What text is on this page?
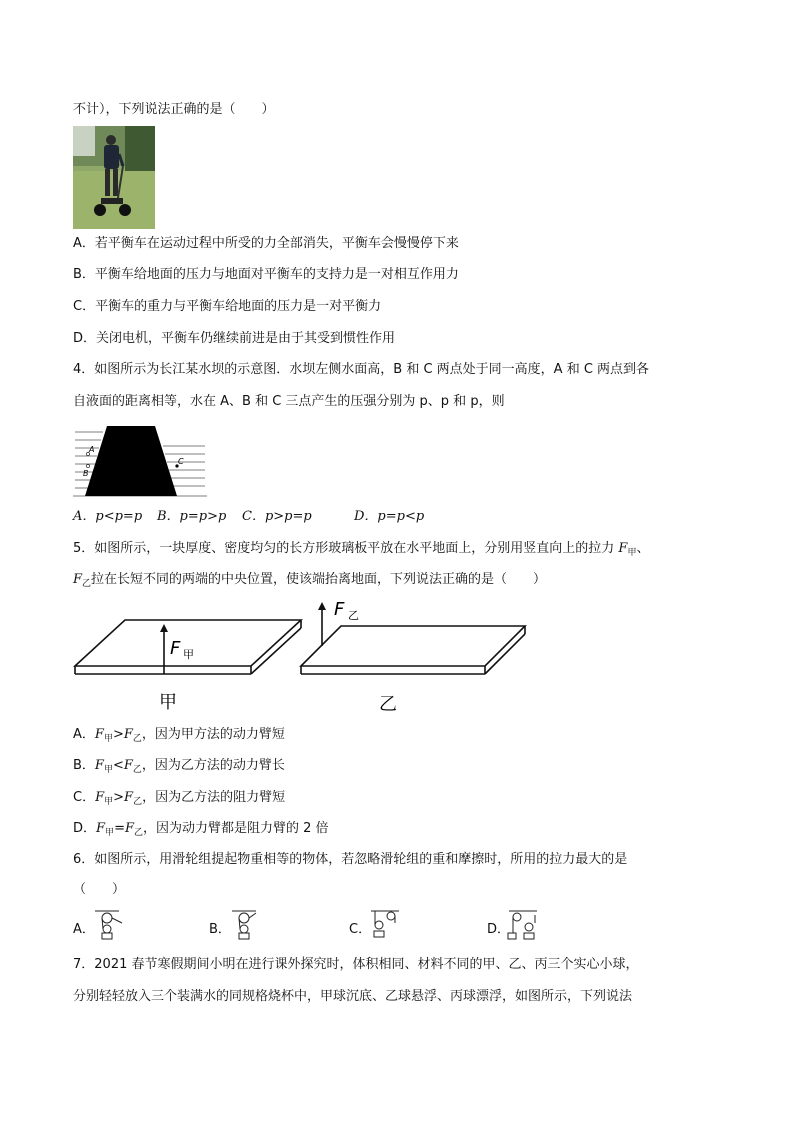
不计），下列说法正确的是（　　）
A．若平衡车在运动过程中所受的力全部消失，平衡车会慢慢停下来
B．平衡车给地面的压力与地面对平衡车的支持力是一对相互作用力
C．平衡车的重力与平衡车给地面的压力是一对平衡力
D．关闭电机，平衡车仍继续前进是由于其受到惯性作用
4．如图所示为长江某水坝的示意图．水坝左侧水面高，B 和 C 两点处于同一高度，A 和 C 两点到各
自液面的距离相等，水在 A、B 和 C 三点产生的压强分别为 p、p 和 p，则
A
B
C
A．p<p=p B．p=p>p C．p>p=p	D．p=p<p
5．如图所示，一块厚度、密度均匀的长方形玻璃板平放在水平地面上，分别用竖直向上的拉力 $F_甲$、
$F_乙$拉在长短不同的两端的中央位置，使该端抬离地面，下列说法正确的是（　　）
F 甲
F 乙
甲	乙
A．$F_甲>F_乙$，因为甲方法的动力臂短
B．$F_甲<F_乙$，因为乙方法的动力臂长
C．$F_甲>F_乙$，因为乙方法的阻力臂短
D．$F_甲=F_乙$，因为动力臂都是阻力臂的 2 倍
6．如图所示，用滑轮组提起物重相等的物体，若忽略滑轮组的重和摩擦时，所用的拉力最大的是
（　　）
A．	B．	C．	D．
7．2021 春节寒假期间小明在进行课外探究时，体积相同、材料不同的甲、乙、丙三个实心小球，
分别轻轻放入三个装满水的同规格烧杯中，甲球沉底、乙球悬浮、丙球漂浮，如图所示，下列说法
